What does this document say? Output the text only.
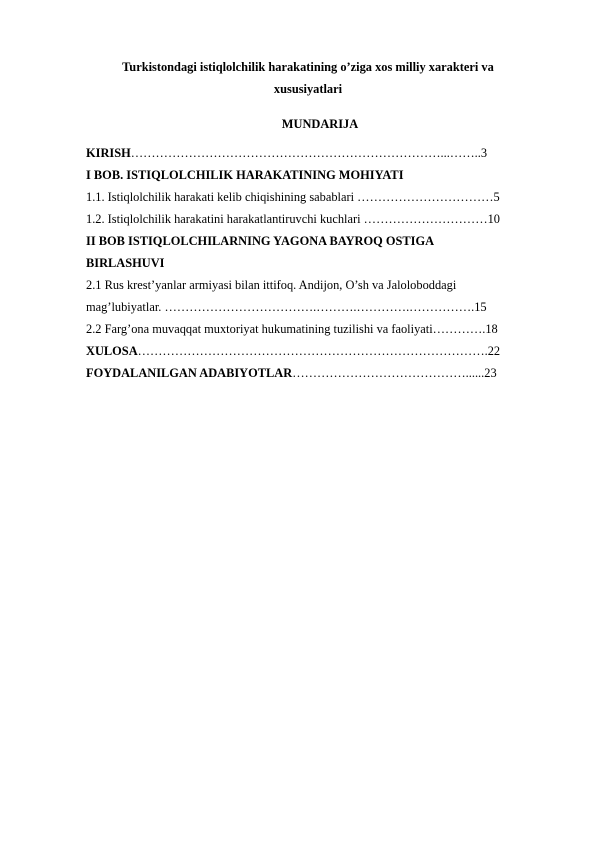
Turkistondagi istiqlolchilik harakatining o’ziga xos milliy xarakteri va
xususiyatlari
MUNDARIJA
KIRISH…………………………………………………………………...……..3
I BOB. ISTIQLOLCHILIK HARAKATINING MOHIYATI
1.1. Istiqlolchilik harakati kelib chiqishining sabablari ……………………………5
1.2. Istiqlolchilik harakatini harakatlantiruvchi kuchlari …………………………10
II BOB ISTIQLOLCHILARNING YAGONA BAYROQ OSTIGA
BIRLASHUVI
2.1 Rus krest’yanlar armiyasi bilan ittifoq. Andijon, O’sh va Jaloloboddagi
mag’lubiyatlar. ……………………………….……….………….…………….15
2.2 Farg’ona muvaqqat muxtoriyat hukumatining tuzilishi va faoliyati………….18
XULOSA………………………………………………………………………….22
FOYDALANILGAN ADABIYOTLAR……………………………………......23
